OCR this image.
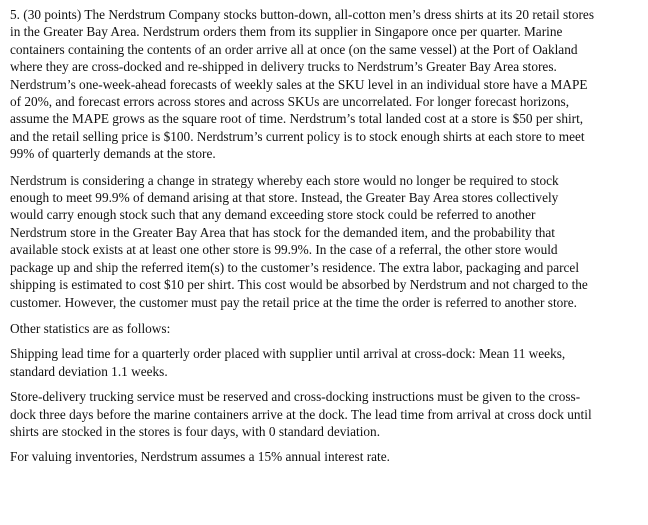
5. (30 points) The Nerdstrum Company stocks button-down, all-cotton men’s dress shirts at its 20 retail stores in the Greater Bay Area. Nerdstrum orders them from its supplier in Singapore once per quarter. Marine containers containing the contents of an order arrive all at once (on the same vessel) at the Port of Oakland where they are cross-docked and re-shipped in delivery trucks to Nerdstrum’s Greater Bay Area stores. Nerdstrum’s one-week-ahead forecasts of weekly sales at the SKU level in an individual store have a MAPE of 20%, and forecast errors across stores and across SKUs are uncorrelated. For longer forecast horizons, assume the MAPE grows as the square root of time. Nerdstrum’s total landed cost at a store is $50 per shirt, and the retail selling price is $100. Nerdstrum’s current policy is to stock enough shirts at each store to meet 99% of quarterly demands at the store.

Nerdstrum is considering a change in strategy whereby each store would no longer be required to stock enough to meet 99.9% of demand arising at that store. Instead, the Greater Bay Area stores collectively would carry enough stock such that any demand exceeding store stock could be referred to another Nerdstrum store in the Greater Bay Area that has stock for the demanded item, and the probability that available stock exists at at least one other store is 99.9%. In the case of a referral, the other store would package up and ship the referred item(s) to the customer’s residence. The extra labor, packaging and parcel shipping is estimated to cost $10 per shirt. This cost would be absorbed by Nerdstrum and not charged to the customer. However, the customer must pay the retail price at the time the order is referred to another store.

Other statistics are as follows:

Shipping lead time for a quarterly order placed with supplier until arrival at cross-dock: Mean 11 weeks, standard deviation 1.1 weeks.

Store-delivery trucking service must be reserved and cross-docking instructions must be given to the cross-dock three days before the marine containers arrive at the dock. The lead time from arrival at cross dock until shirts are stocked in the stores is four days, with 0 standard deviation.

For valuing inventories, Nerdstrum assumes a 15% annual interest rate.
